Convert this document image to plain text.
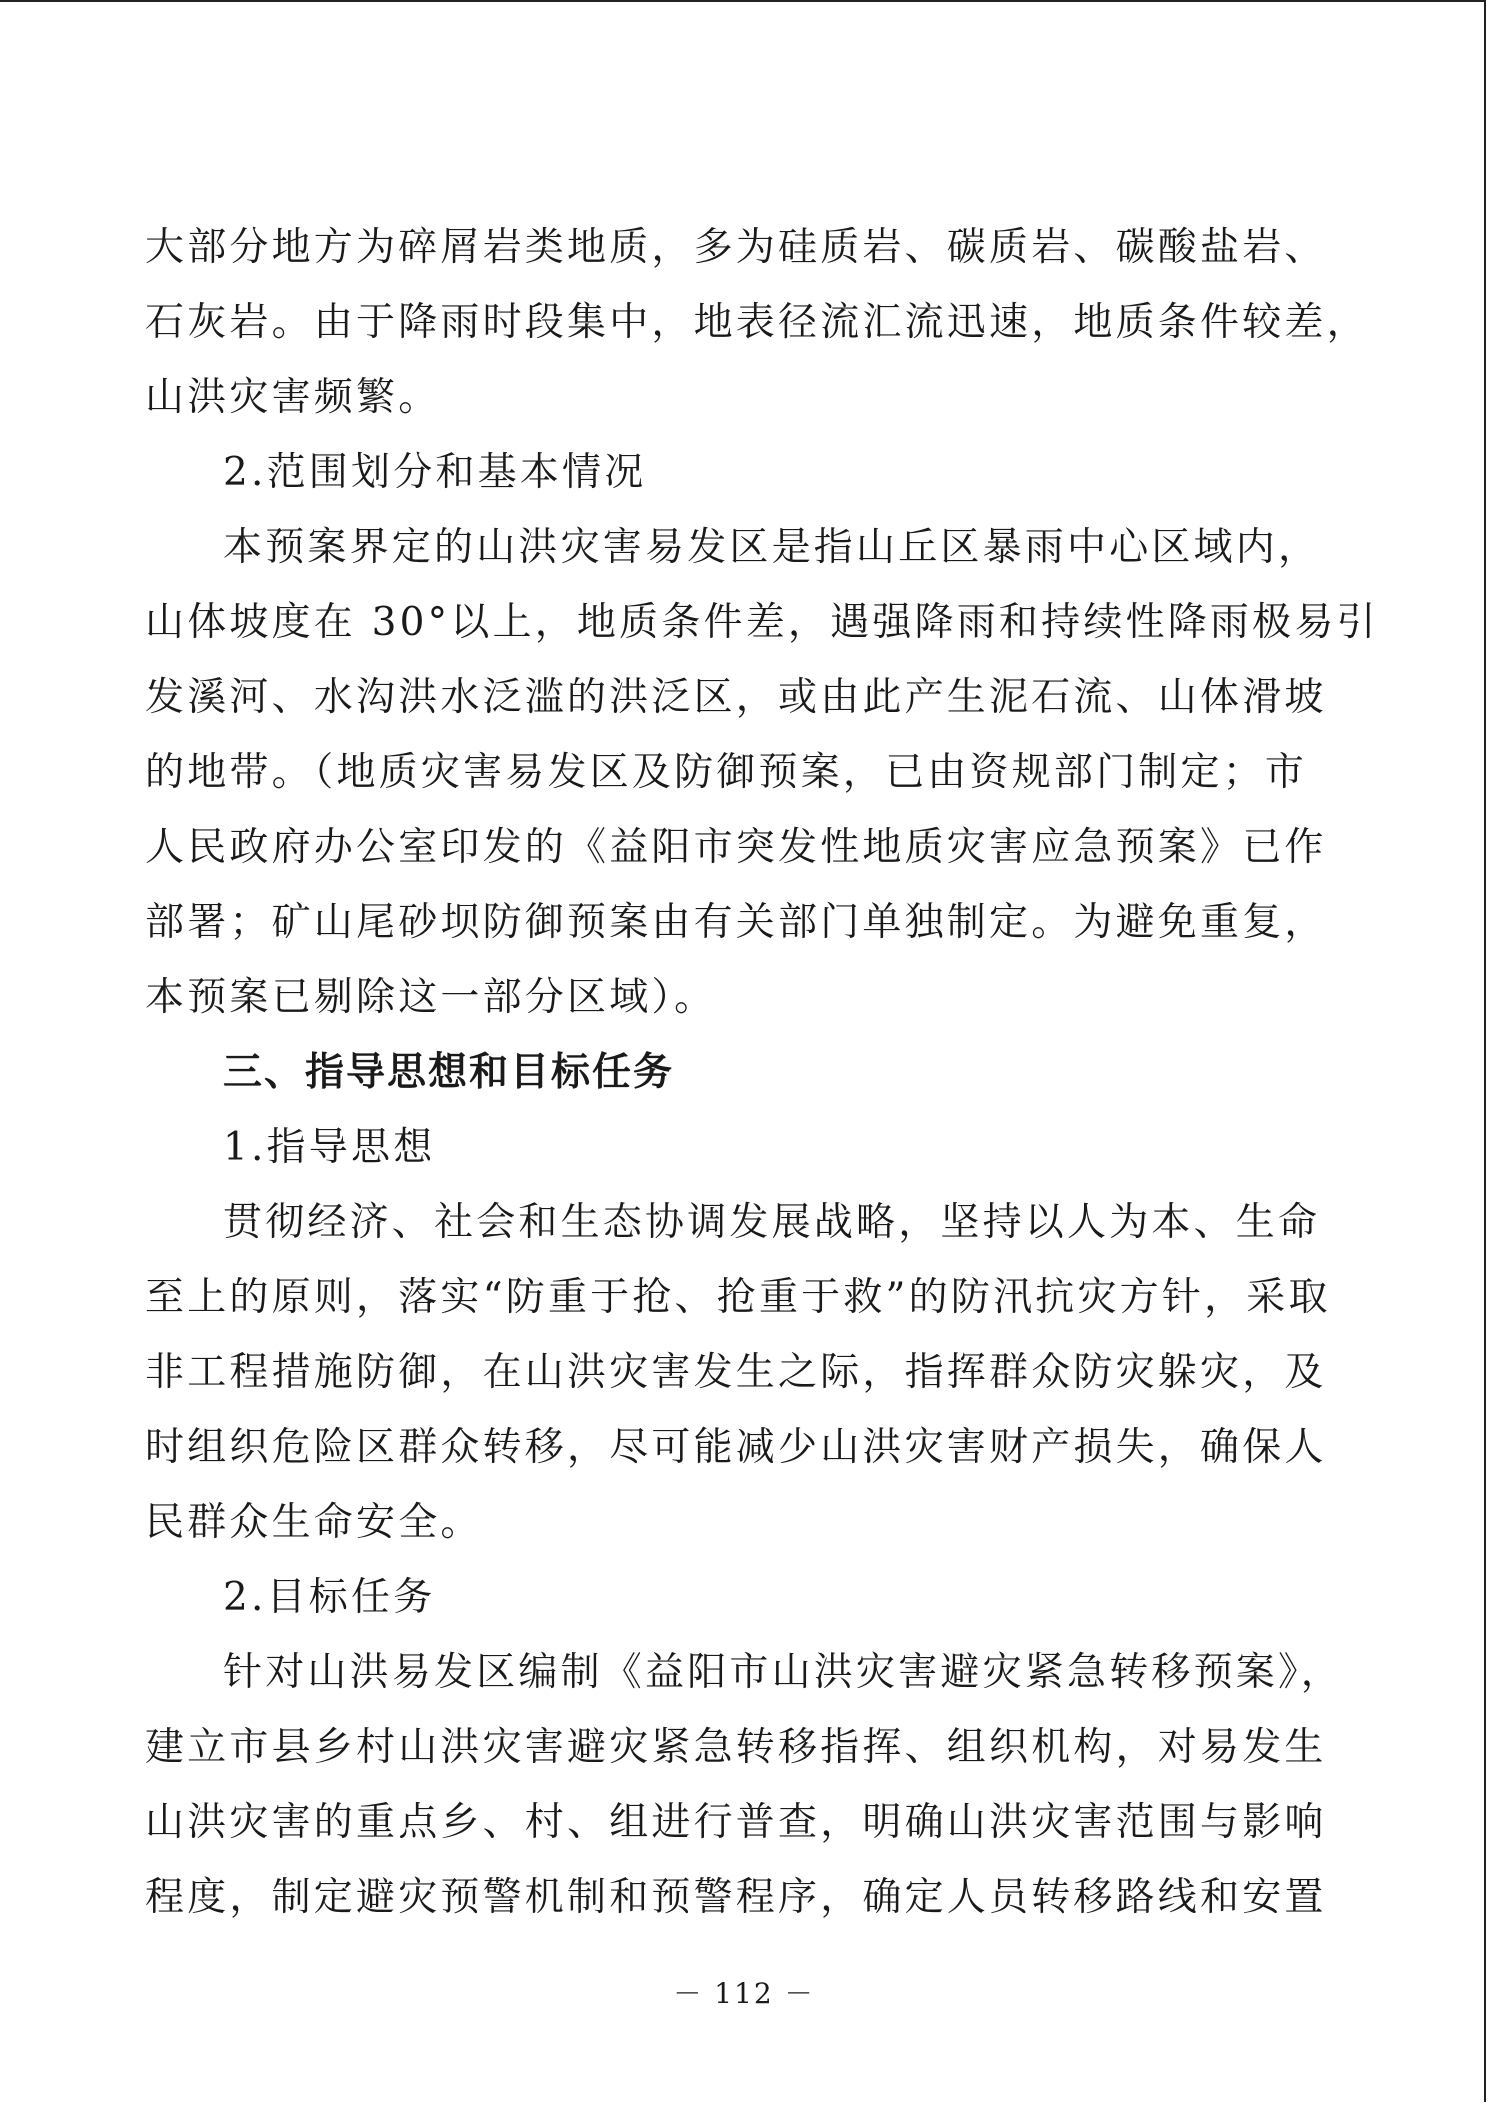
大部分地方为碎屑岩类地质，多为硅质岩、碳质岩、碳酸盐岩、
石灰岩。由于降雨时段集中，地表径流汇流迅速，地质条件较差，
山洪灾害频繁。
2.范围划分和基本情况
本预案界定的山洪灾害易发区是指山丘区暴雨中心区域内，
山体坡度在 30°以上，地质条件差，遇强降雨和持续性降雨极易引
发溪河、水沟洪水泛滥的洪泛区，或由此产生泥石流、山体滑坡
的地带。（地质灾害易发区及防御预案，已由资规部门制定；市
人民政府办公室印发的《益阳市突发性地质灾害应急预案》已作
部署；矿山尾砂坝防御预案由有关部门单独制定。为避免重复，
本预案已剔除这一部分区域）。
三、指导思想和目标任务
1.指导思想
贯彻经济、社会和生态协调发展战略，坚持以人为本、生命
至上的原则，落实“防重于抢、抢重于救”的防汛抗灾方针，采取
非工程措施防御，在山洪灾害发生之际，指挥群众防灾躲灾，及
时组织危险区群众转移，尽可能减少山洪灾害财产损失，确保人
民群众生命安全。
2.目标任务
针对山洪易发区编制《益阳市山洪灾害避灾紧急转移预案》，
建立市县乡村山洪灾害避灾紧急转移指挥、组织机构，对易发生
山洪灾害的重点乡、村、组进行普查，明确山洪灾害范围与影响
程度，制定避灾预警机制和预警程序，确定人员转移路线和安置
－ 112 －
